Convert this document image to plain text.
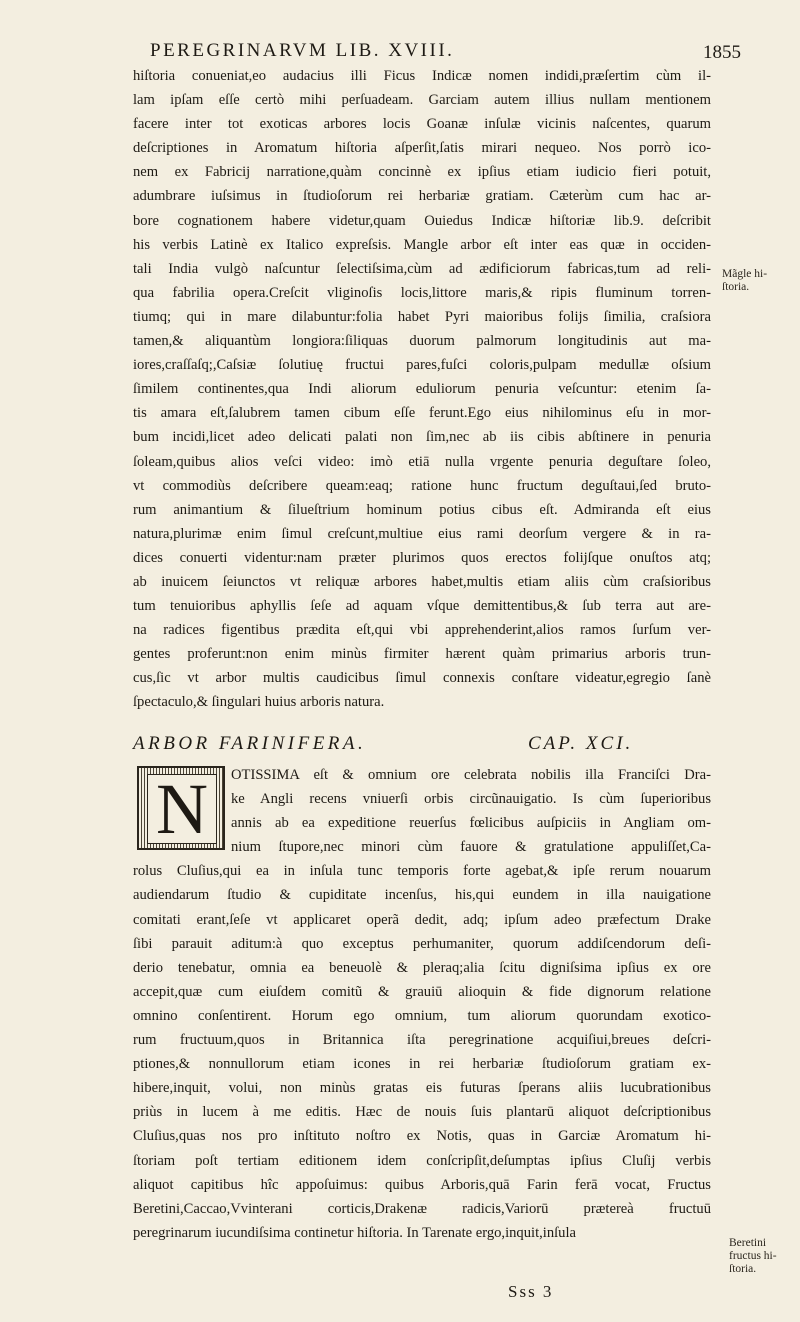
PEREGRINARVM LIB. XVIII.	1855
hiſtoria conueniat,eo audacius illi Ficus Indicæ nomen indidi,præſertim cùm il-
lam ipſam eſſe certò mihi perſuadeam. Garciam autem illius nullam mentionem
facere inter tot exoticas arbores locis Goanæ inſulæ vicinis naſcentes, quarum
deſcriptiones in Aromatum hiſtoria aſperſit,ſatis mirari nequeo. Nos porrò ico-
nem ex Fabricij narratione,quàm concinnè ex ipſius etiam iudicio fieri potuit,
adumbrare iuſsimus in ſtudioſorum rei herbariæ gratiam. Cæterùm cum hac ar-
bore cognationem habere videtur,quam Ouiedus Indicæ hiſtoriæ lib.9. deſcribit
his verbis Latinè ex Italico expreſsis. Mangle arbor eſt inter eas quæ in occiden-
tali India vulgò naſcuntur ſelectiſsima,cùm ad ædificiorum fabricas,tum ad reli-
qua fabrilia opera.Creſcit vliginoſis locis,littore maris,& ripis fluminum torren-
tiumq; qui in mare dilabuntur:folia habet Pyri maioribus folijs ſimilia, craſsiora
tamen,& aliquantùm longiora:ſiliquas duorum palmorum longitudinis aut ma-
iores,craſſaſq;,Caſsiæ ſolutiuę fructui pares,fuſci coloris,pulpam medullæ oſsium
ſimilem continentes,qua Indi aliorum eduliorum penuria veſcuntur: etenim ſa-
tis amara eſt,ſalubrem tamen cibum eſſe ferunt.Ego eius nihilominus eſu in mor-
bum incidi,licet adeo delicati palati non ſim,nec ab iis cibis abſtinere in penuria
ſoleam,quibus alios veſci video: imò etiā nulla vrgente penuria deguſtare ſoleo,
vt commodiùs deſcribere queam:eaq; ratione hunc fructum deguſtaui,ſed bruto-
rum animantium & ſilueſtrium hominum potius cibus eſt. Admiranda eſt eius
natura,plurimæ enim ſimul creſcunt,multiue eius rami deorſum vergere & in ra-
dices conuerti videntur:nam præter plurimos quos erectos folijſque onuſtos atq;
ab inuicem ſeiunctos vt reliquæ arbores habet,multis etiam aliis cùm craſsioribus
tum tenuioribus aphyllis ſeſe ad aquam vſque demittentibus,& ſub terra aut are-
na radices figentibus prædita eſt,qui vbi apprehenderint,alios ramos ſurſum ver-
gentes proferunt:non enim minùs firmiter hærent quàm primarius arboris trun-
cus,ſic vt arbor multis caudicibus ſimul connexis conſtare videatur,egregio ſanè
ſpectaculo,& ſingulari huius arboris natura.
Mãgle hi-
ſtoria.
ARBOR FARINIFERA.	CAP. XCI.
N	OTISSIMA eſt & omnium ore celebrata nobilis illa Franciſci Dra-
ke Angli recens vniuerſi orbis circũnauigatio. Is cùm ſuperioribus
annis ab ea expeditione reuerſus fœlicibus auſpiciis in Angliam om-
nium ſtupore,nec minori cùm fauore & gratulatione appuliſſet,Ca-
rolus Cluſius,qui ea in inſula tunc temporis forte agebat,& ipſe rerum nouarum
audiendarum ſtudio & cupiditate incenſus, his,qui eundem in illa nauigatione
comitati erant,ſeſe vt applicaret operã dedit, adq; ipſum adeo præfectum Drake
ſibi parauit aditum:à quo exceptus perhumaniter, quorum addiſcendorum deſi-
derio tenebatur, omnia ea beneuolè & pleraq;alia ſcitu digniſsima ipſius ex ore
accepit,quæ cum eiuſdem comitũ & grauiū alioquin & fide dignorum relatione
omnino conſentirent. Horum ego omnium, tum aliorum quorundam exotico-
rum fructuum,quos in Britannica iſta peregrinatione acquiſiui,breues deſcri-
ptiones,& nonnullorum etiam icones in rei herbariæ ſtudioſorum gratiam ex-
hibere,inquit, volui, non minùs gratas eis futuras ſperans aliis lucubrationibus
priùs in lucem à me editis. Hæc de nouis ſuis plantarū aliquot deſcriptionibus
Cluſius,quas nos pro inſtituto noſtro ex Notis, quas in Garciæ Aromatum hi-
ſtoriam poſt tertiam editionem idem conſcripſit,deſumptas ipſius Cluſij verbis
aliquot capitibus hîc appoſuimus: quibus Arboris,quā Farin ferā vocat, Fructus
Beretini,Caccao,Vvinterani corticis,Drakenæ radicis,Variorū prætereà fructuū
peregrinarum iucundiſsima continetur hiſtoria. In Tarenate ergo,inquit,inſula
Beretini
fructus hi-
ſtoria.
Sss 3
